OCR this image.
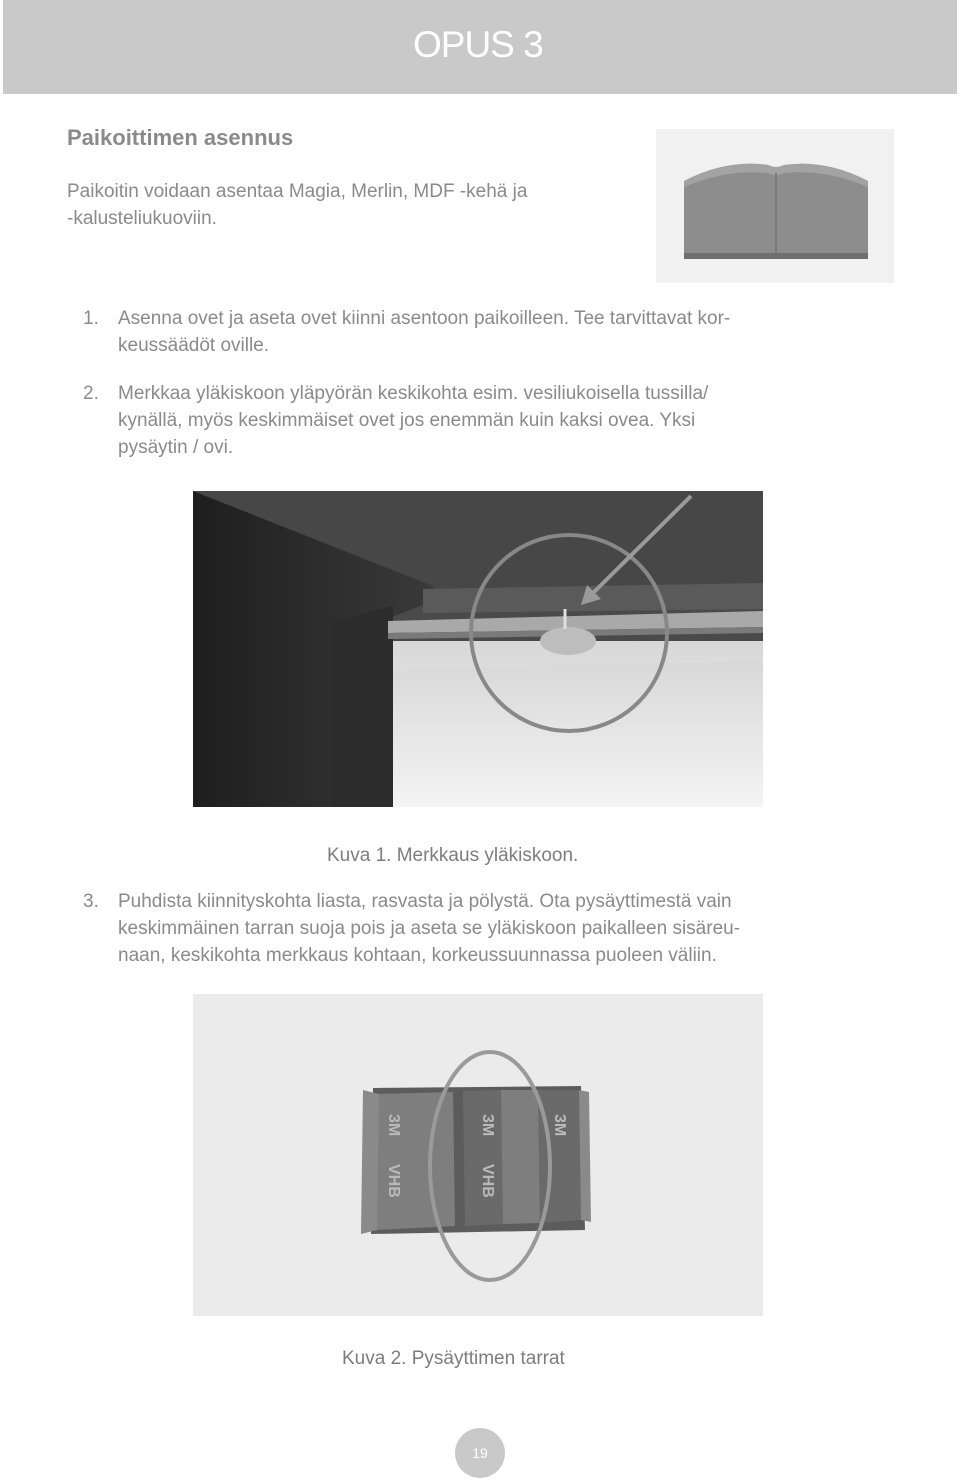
OPUS 3
Paikoittimen asennus
Paikoitin voidaan asentaa Magia, Merlin, MDF -kehä ja
-kalusteliukuoviin.
1. Asenna ovet ja aseta ovet kiinni asentoon paikoilleen. Tee tarvittavat kor-
keussäädöt oville.
2. Merkkaa yläkiskoon yläpyörän keskikohta esim. vesiliukoisella tussilla/
kynällä, myös keskimmäiset ovet jos enemmän kuin kaksi ovea. Yksi
pysäytin / ovi.
Kuva 1. Merkkaus yläkiskoon.
3. Puhdista kiinnityskohta liasta, rasvasta ja pölystä. Ota pysäyttimestä vain
keskimmäinen tarran suoja pois ja aseta se yläkiskoon paikalleen sisäreu-
naan, keskikohta merkkaus kohtaan, korkeussuunnassa puoleen väliin.
3M
VHB
3M
VHB
3M
Kuva 2. Pysäyttimen tarrat
19
